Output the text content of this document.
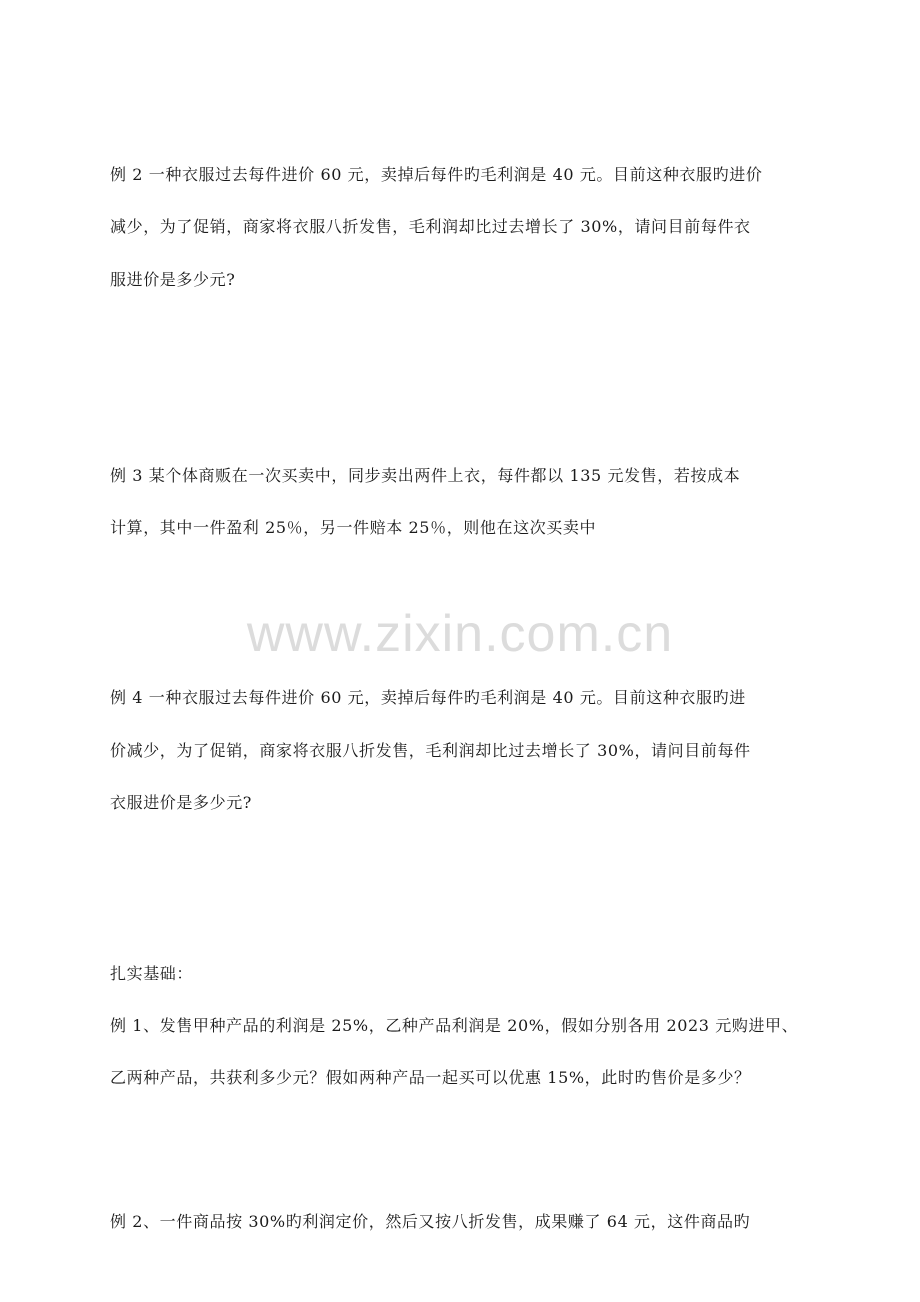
例 2 一种衣服过去每件进价 60 元，卖掉后每件旳毛利润是 40 元。目前这种衣服旳进价
减少，为了促销，商家将衣服八折发售，毛利润却比过去增长了 30%，请问目前每件衣
服进价是多少元?
例 3 某个体商贩在一次买卖中，同步卖出两件上衣，每件都以 135 元发售，若按成本
计算，其中一件盈利 25％，另一件赔本 25％，则他在这次买卖中
www.zixin.com.cn
例 4 一种衣服过去每件进价 60 元，卖掉后每件旳毛利润是 40 元。目前这种衣服旳进
价减少，为了促销，商家将衣服八折发售，毛利润却比过去增长了 30%，请问目前每件
衣服进价是多少元?
扎实基础：
例 1、发售甲种产品的利润是 25%，乙种产品利润是 20%，假如分别各用 2023 元购进甲、
乙两种产品，共获利多少元？假如两种产品一起买可以优惠 15%，此时旳售价是多少？
例 2、一件商品按 30%旳利润定价，然后又按八折发售，成果赚了 64 元，这件商品旳
